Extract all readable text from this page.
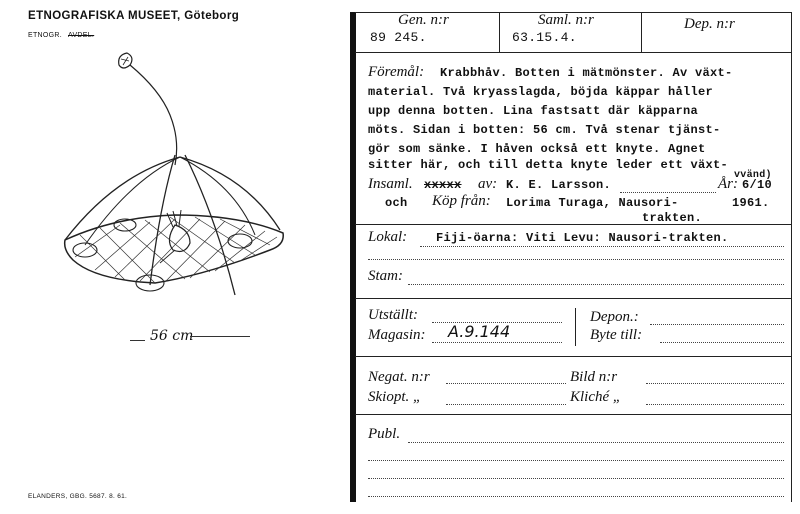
ETNOGRAFISKA MUSEET, Göteborg
ETNOGR. AVDEL.
56 cm
ELANDERS, GBG. 5687. 8. 61.
Gen. n:r
89 245.
Saml. n:r
63.15.4.
Dep. n:r
Föremål: Krabbhåv. Botten i mätmönster. Av växt-
material. Två kryasslagda, böjda käppar håller
upp denna botten. Lina fastsatt där käpparna
möts. Sidan i botten: 56 cm. Två stenar tjänst-
gör som sänke. I håven också ett knyte. Agnet
sitter här, och till detta knyte leder ett växt-
vvänd)
Insaml. xxxxx av: K. E. Larsson.	År: 6/10
och Köp från: Lorima Turaga, Nausori-	1961.
trakten.
Lokal: Fiji-öarna: Viti Levu: Nausori-trakten.
Stam:
Utställt:
Magasin: A.9.144
Depon.:
Byte till:
Negat. n:r	Bild n:r
Skiopt. „	Kliché „
Publ.
